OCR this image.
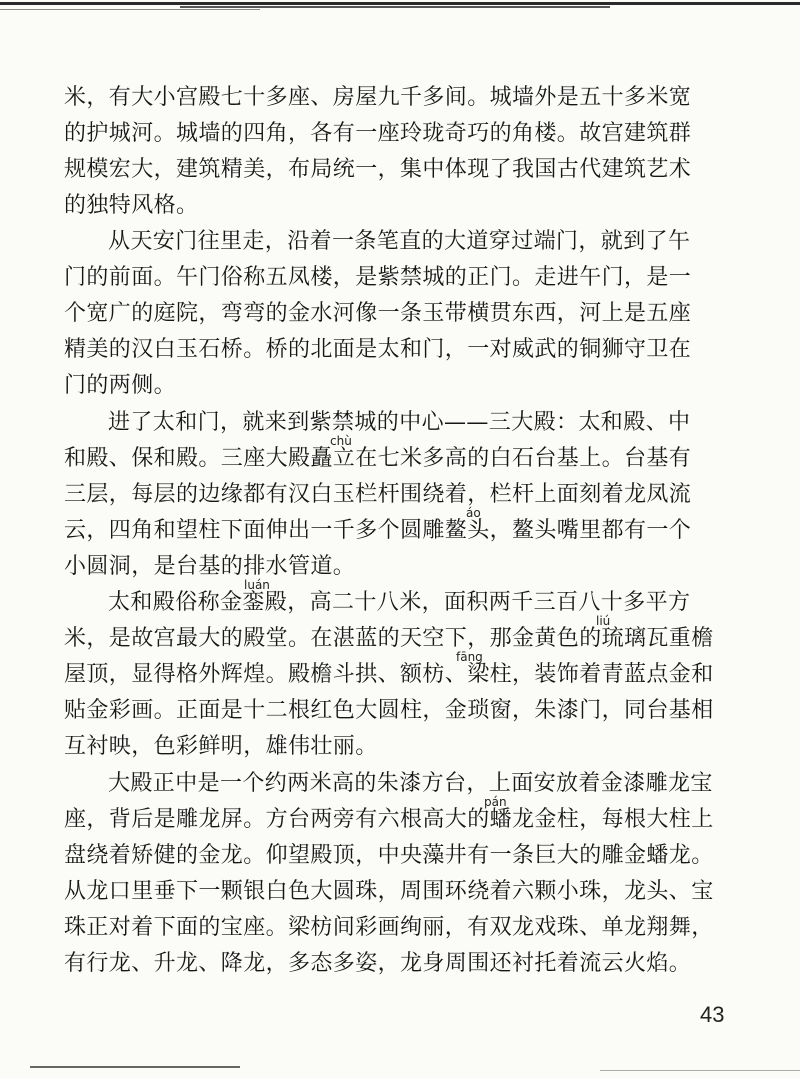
米，有大小宫殿七十多座、房屋九千多间。城墙外是五十多米宽
的护城河。城墙的四角，各有一座玲珑奇巧的角楼。故宫建筑群
规模宏大，建筑精美，布局统一，集中体现了我国古代建筑艺术
的独特风格。
从天安门往里走，沿着一条笔直的大道穿过端门，就到了午
门的前面。午门俗称五凤楼，是紫禁城的正门。走进午门，是一
个宽广的庭院，弯弯的金水河像一条玉带横贯东西，河上是五座
精美的汉白玉石桥。桥的北面是太和门，一对威武的铜狮守卫在
门的两侧。
进了太和门，就来到紫禁城的中心——三大殿：太和殿、中
chù
和殿、保和殿。三座大殿矗立在七米多高的白石台基上。台基有
三层，每层的边缘都有汉白玉栏杆围绕着，栏杆上面刻着龙凤流
áo
云，四角和望柱下面伸出一千多个圆雕鳌头，鳌头嘴里都有一个
小圆洞，是台基的排水管道。
luán
太和殿俗称金銮殿，高二十八米，面积两千三百八十多平方
liú
米，是故宫最大的殿堂。在湛蓝的天空下，那金黄色的琉璃瓦重檐
fāng
屋顶，显得格外辉煌。殿檐斗拱、额枋、梁柱，装饰着青蓝点金和
贴金彩画。正面是十二根红色大圆柱，金琐窗，朱漆门，同台基相
互衬映，色彩鲜明，雄伟壮丽。
大殿正中是一个约两米高的朱漆方台，上面安放着金漆雕龙宝
pán
座，背后是雕龙屏。方台两旁有六根高大的蟠龙金柱，每根大柱上
盘绕着矫健的金龙。仰望殿顶，中央藻井有一条巨大的雕金蟠龙。
从龙口里垂下一颗银白色大圆珠，周围环绕着六颗小珠，龙头、宝
珠正对着下面的宝座。梁枋间彩画绚丽，有双龙戏珠、单龙翔舞，
有行龙、升龙、降龙，多态多姿，龙身周围还衬托着流云火焰。
43
